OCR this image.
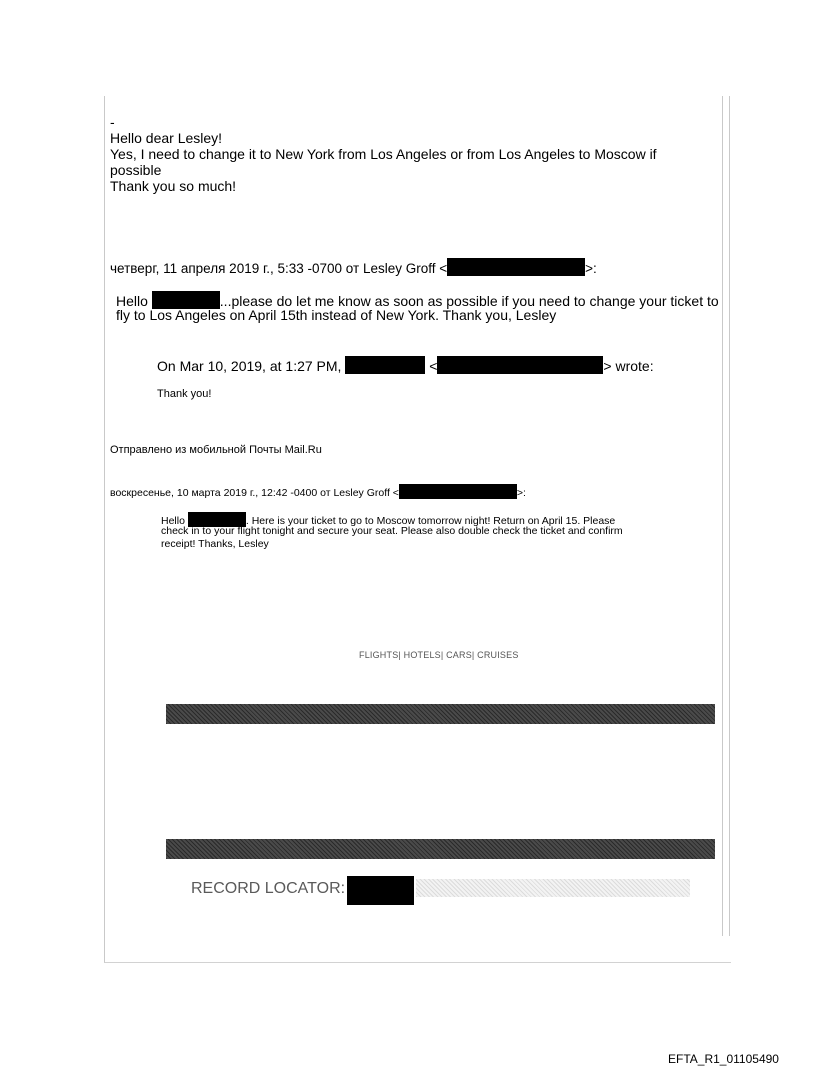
-
Hello dear Lesley!
Yes, I need to change it to New York from Los Angeles or from Los Angeles to Moscow if
possible
Thank you so much!
четверг, 11 апреля 2019 г., 5:33 -0700 от Lesley Groff <	>:
Hello	...please do let me know as soon as possible if you need to change your ticket to
fly to Los Angeles on April 15th instead of New York. Thank you, Lesley
On Mar 10, 2019, at 1:27 PM,	<	> wrote:
Thank you!
Отправлено из мобильной Почты Mail.Ru
воскресенье, 10 марта 2019 г., 12:42 -0400 от Lesley Groff <	>:
Hello	. Here is your ticket to go to Moscow tomorrow night! Return on April 15. Please
check in to your flight tonight and secure your seat. Please also double check the ticket and confirm
receipt! Thanks, Lesley
FLIGHTS| HOTELS| CARS| CRUISES
RECORD LOCATOR:
EFTA_R1_01105490
